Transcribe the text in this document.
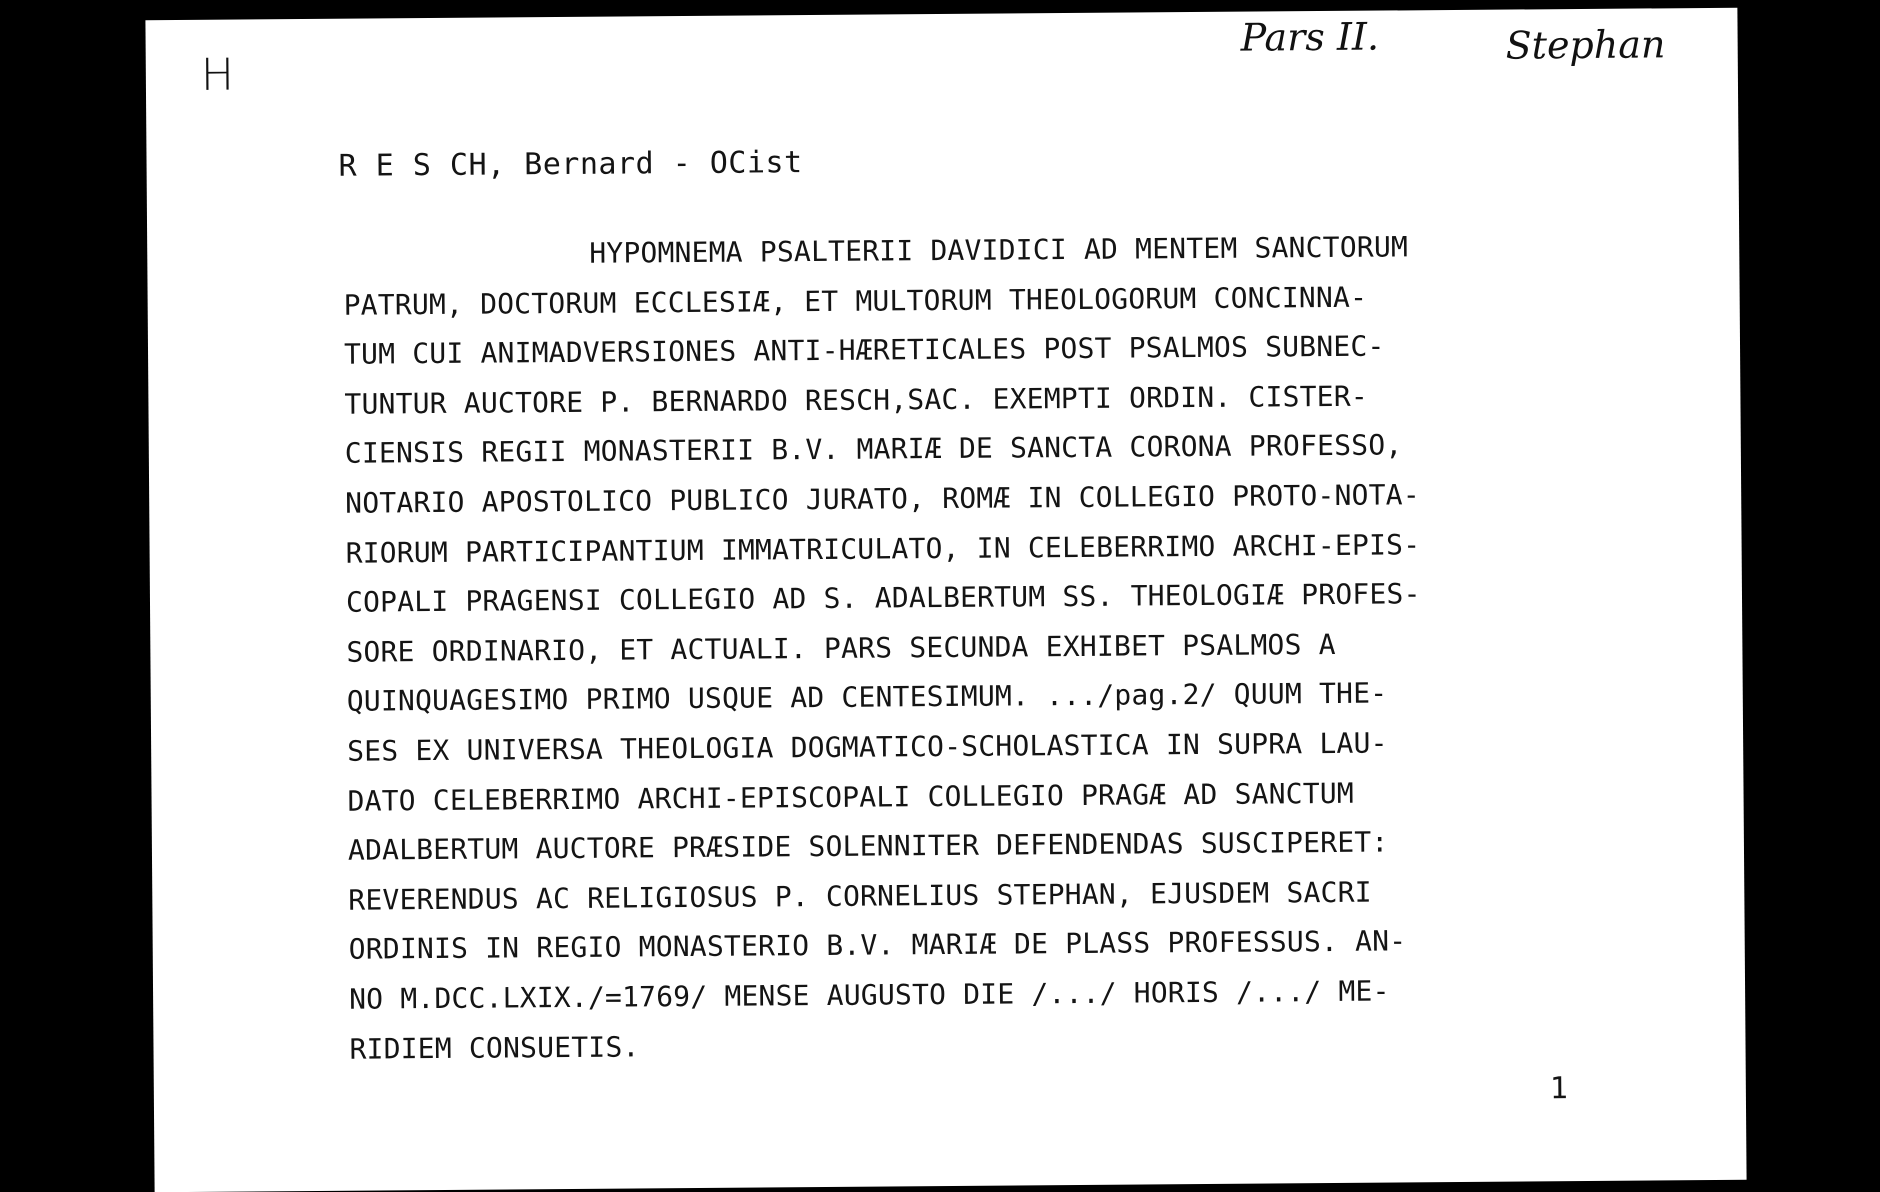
H
Pars II.	Stephan
R E S CH, Bernard - OCist
HYPOMNEMA PSALTERII DAVIDICI AD MENTEM SANCTORUM
PATRUM, DOCTORUM ECCLESIÆ, ET MULTORUM THEOLOGORUM CONCINNA-
TUM CUI ANIMADVERSIONES ANTI-HÆRETICALES POST PSALMOS SUBNEC-
TUNTUR AUCTORE P. BERNARDO RESCH,SAC. EXEMPTI ORDIN. CISTER-
CIENSIS REGII MONASTERII B.V. MARIÆ DE SANCTA CORONA PROFESSO,
NOTARIO APOSTOLICO PUBLICO JURATO, ROMÆ IN COLLEGIO PROTO-NOTA-
RIORUM PARTICIPANTIUM IMMATRICULATO, IN CELEBERRIMO ARCHI-EPIS-
COPALI PRAGENSI COLLEGIO AD S. ADALBERTUM SS. THEOLOGIÆ PROFES-
SORE ORDINARIO, ET ACTUALI. PARS SECUNDA EXHIBET PSALMOS A
QUINQUAGESIMO PRIMO USQUE AD CENTESIMUM. .../pag.2/ QUUM THE-
SES EX UNIVERSA THEOLOGIA DOGMATICO-SCHOLASTICA IN SUPRA LAU-
DATO CELEBERRIMO ARCHI-EPISCOPALI COLLEGIO PRAGÆ AD SANCTUM
ADALBERTUM AUCTORE PRÆSIDE SOLENNITER DEFENDENDAS SUSCIPERET:
REVERENDUS AC RELIGIOSUS P. CORNELIUS STEPHAN, EJUSDEM SACRI
ORDINIS IN REGIO MONASTERIO B.V. MARIÆ DE PLASS PROFESSUS. AN-
NO M.DCC.LXIX./=1769/ MENSE AUGUSTO DIE /.../ HORIS /.../ ME-
RIDIEM CONSUETIS.
1
